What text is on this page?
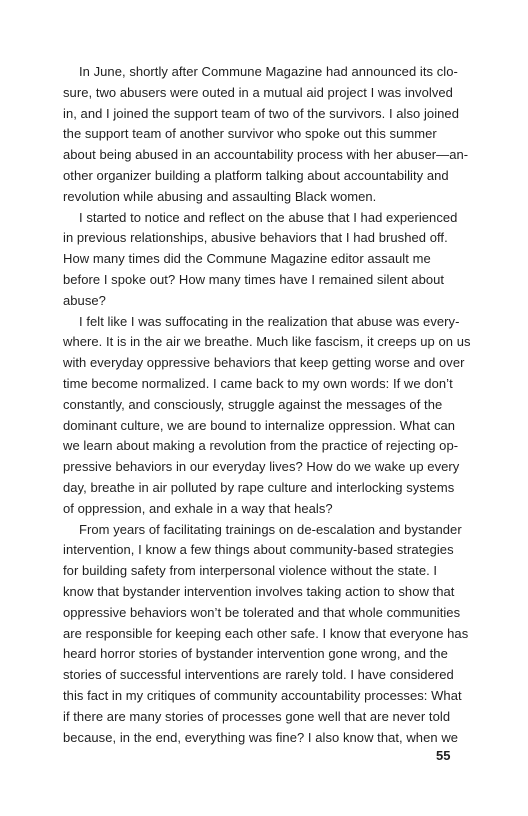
In June, shortly after Commune Magazine had announced its clo-
sure, two abusers were outed in a mutual aid project I was involved
in, and I joined the support team of two of the survivors. I also joined
the support team of another survivor who spoke out this summer
about being abused in an accountability process with her abuser—an-
other organizer building a platform talking about accountability and
revolution while abusing and assaulting Black women.

I started to notice and reflect on the abuse that I had experienced
in previous relationships, abusive behaviors that I had brushed off.
How many times did the Commune Magazine editor assault me
before I spoke out? How many times have I remained silent about
abuse?

I felt like I was suffocating in the realization that abuse was every-
where. It is in the air we breathe. Much like fascism, it creeps up on us
with everyday oppressive behaviors that keep getting worse and over
time become normalized. I came back to my own words: If we don’t
constantly, and consciously, struggle against the messages of the
dominant culture, we are bound to internalize oppression. What can
we learn about making a revolution from the practice of rejecting op-
pressive behaviors in our everyday lives? How do we wake up every
day, breathe in air polluted by rape culture and interlocking systems
of oppression, and exhale in a way that heals?

From years of facilitating trainings on de-escalation and bystander
intervention, I know a few things about community-based strategies
for building safety from interpersonal violence without the state. I
know that bystander intervention involves taking action to show that
oppressive behaviors won’t be tolerated and that whole communities
are responsible for keeping each other safe. I know that everyone has
heard horror stories of bystander intervention gone wrong, and the
stories of successful interventions are rarely told. I have considered
this fact in my critiques of community accountability processes: What
if there are many stories of processes gone well that are never told
because, in the end, everything was fine? I also know that, when we

55
